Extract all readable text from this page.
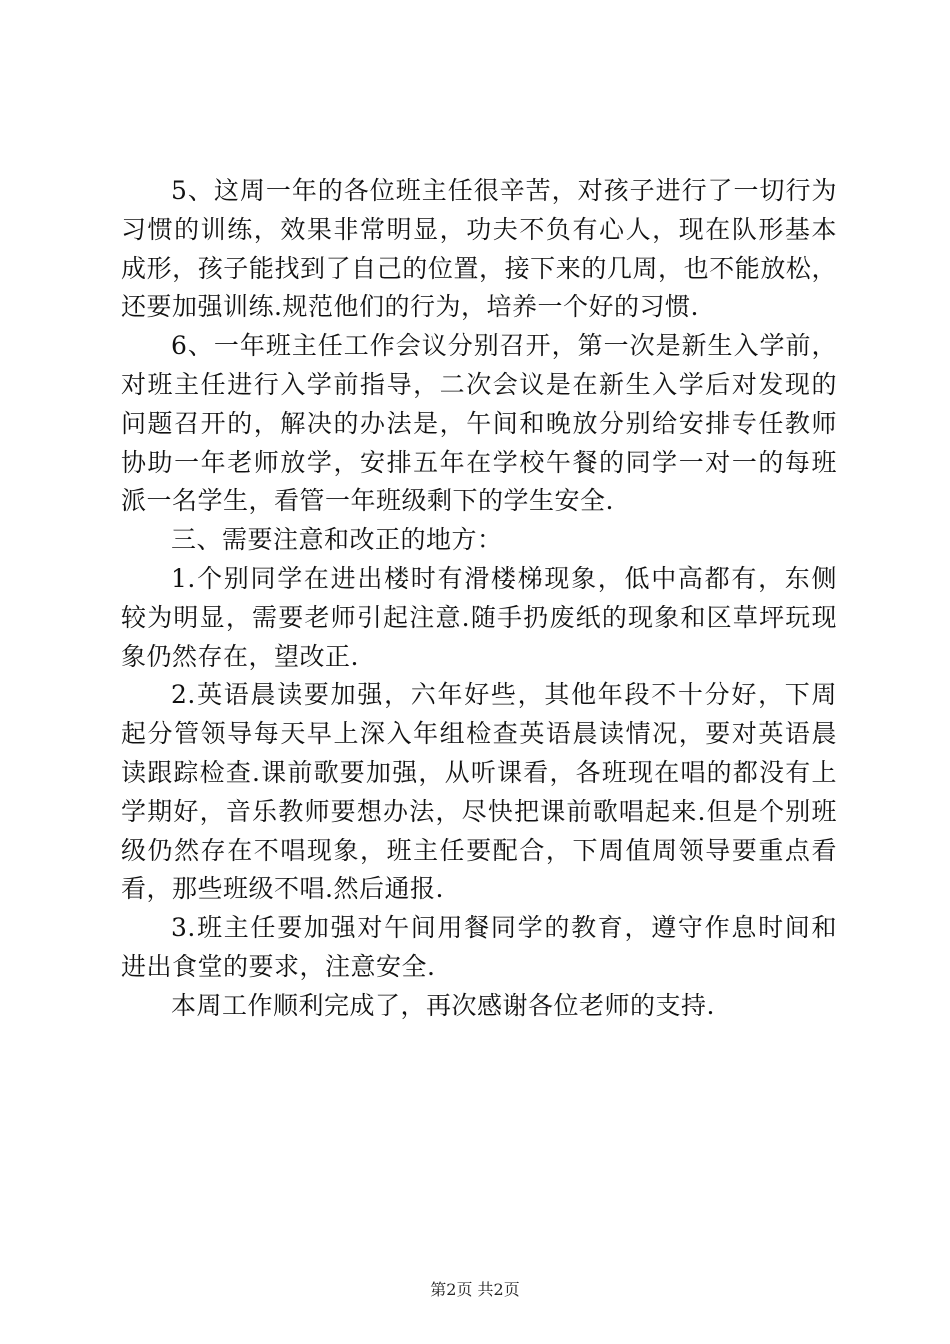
5、这周一年的各位班主任很辛苦，对孩子进行了一切行为
习惯的训练，效果非常明显，功夫不负有心人，现在队形基本
成形，孩子能找到了自己的位置，接下来的几周，也不能放松，
还要加强训练.规范他们的行为，培养一个好的习惯.
6、一年班主任工作会议分别召开，第一次是新生入学前，
对班主任进行入学前指导，二次会议是在新生入学后对发现的
问题召开的，解决的办法是，午间和晚放分别给安排专任教师
协助一年老师放学，安排五年在学校午餐的同学一对一的每班
派一名学生，看管一年班级剩下的学生安全.
三、需要注意和改正的地方：
1.个别同学在进出楼时有滑楼梯现象，低中高都有，东侧
较为明显，需要老师引起注意.随手扔废纸的现象和区草坪玩现
象仍然存在，望改正.
2.英语晨读要加强，六年好些，其他年段不十分好，下周
起分管领导每天早上深入年组检查英语晨读情况，要对英语晨
读跟踪检查.课前歌要加强，从听课看，各班现在唱的都没有上
学期好，音乐教师要想办法，尽快把课前歌唱起来.但是个别班
级仍然存在不唱现象，班主任要配合，下周值周领导要重点看
看，那些班级不唱.然后通报.
3.班主任要加强对午间用餐同学的教育，遵守作息时间和
进出食堂的要求，注意安全.
本周工作顺利完成了，再次感谢各位老师的支持.
第2页 共2页
